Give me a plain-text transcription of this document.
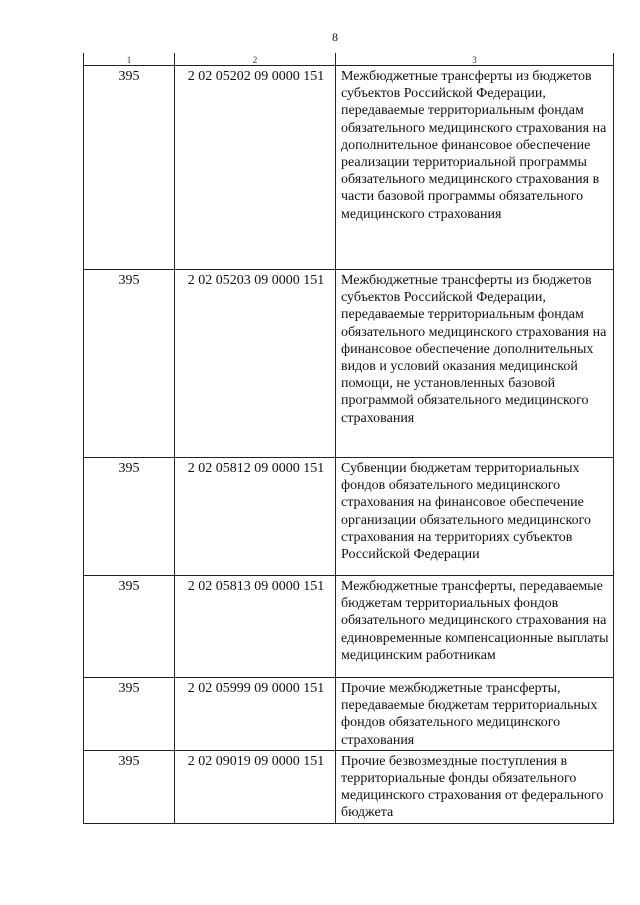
8
1	2	3
395	2 02 05202 09 0000 151	Межбюджетные трансферты из бюджетов субъектов Российской Федерации, передаваемые территориальным фондам обязательного медицинского страхования на дополнительное финансовое обеспечение реализации территориальной программы обязательного медицинского страхования в части базовой программы обязательного медицинского страхования
395	2 02 05203 09 0000 151	Межбюджетные трансферты из бюджетов субъектов Российской Федерации, передаваемые территориальным фондам обязательного медицинского страхования на финансовое обеспечение дополнительных видов и условий оказания медицинской помощи, не установленных базовой программой обязательного медицинского страхования
395	2 02 05812 09 0000 151	Субвенции бюджетам территориальных фондов обязательного медицинского страхования на финансовое обеспечение организации обязательного медицинского страхования на территориях субъектов Российской Федерации
395	2 02 05813 09 0000 151	Межбюджетные трансферты, передаваемые бюджетам территориальных фондов обязательного медицинского страхования на единовременные компенсационные выплаты медицинским работникам
395	2 02 05999 09 0000 151	Прочие межбюджетные трансферты, передаваемые бюджетам территориальных фондов обязательного медицинского страхования
395	2 02 09019 09 0000 151	Прочие безвозмездные поступления в территориальные фонды обязательного медицинского страхования от федерального бюджета
